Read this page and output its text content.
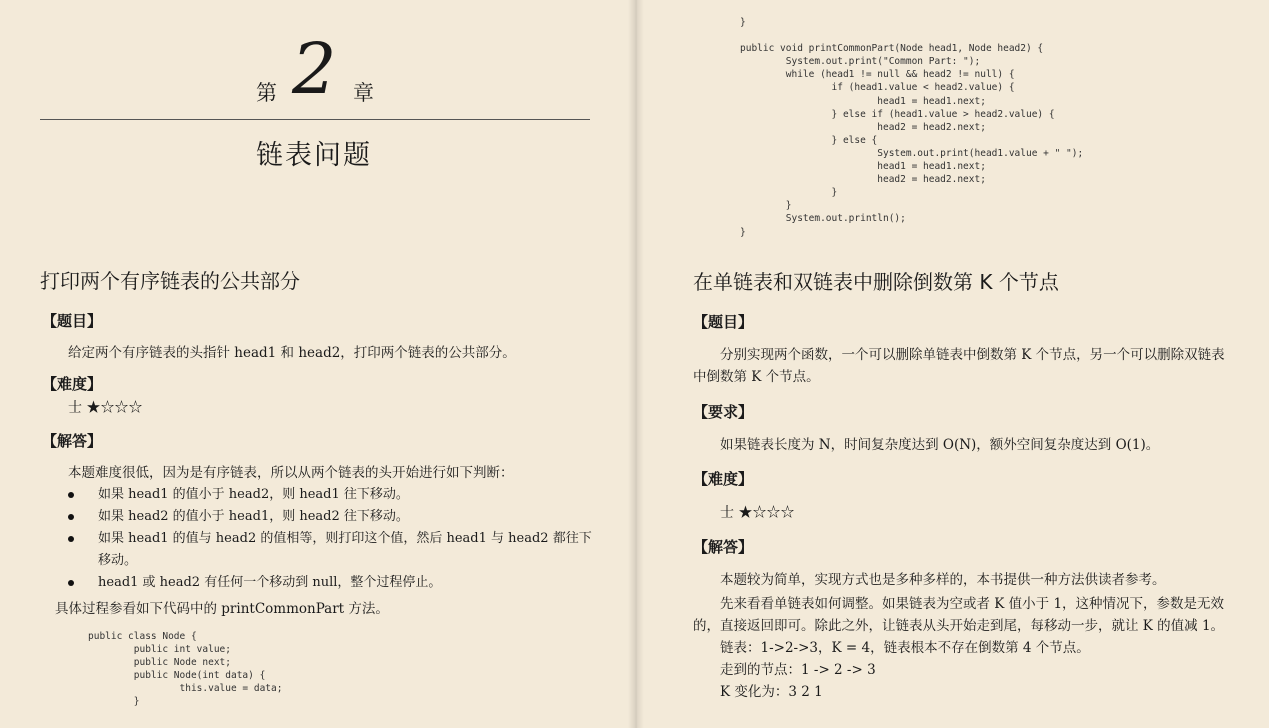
第 2 章
链表问题
打印两个有序链表的公共部分
【题目】
给定两个有序链表的头指针 head1 和 head2，打印两个链表的公共部分。
【难度】
士 ★☆☆☆
【解答】
本题难度很低，因为是有序链表，所以从两个链表的头开始进行如下判断：
如果 head1 的值小于 head2，则 head1 往下移动。
如果 head2 的值小于 head1，则 head2 往下移动。
如果 head1 的值与 head2 的值相等，则打印这个值，然后 head1 与 head2 都往下移动。
head1 或 head2 有任何一个移动到 null，整个过程停止。
具体过程参看如下代码中的 printCommonPart 方法。
public class Node {
public int value;
public Node next;
public Node(int data) {
this.value = data;
}
}

public void printCommonPart(Node head1, Node head2) {
System.out.print("Common Part: ");
while (head1 != null && head2 != null) {
if (head1.value < head2.value) {
head1 = head1.next;
} else if (head1.value > head2.value) {
head2 = head2.next;
} else {
System.out.print(head1.value + " ");
head1 = head1.next;
head2 = head2.next;
}
}
System.out.println();
}
在单链表和双链表中删除倒数第 K 个节点
【题目】
分别实现两个函数，一个可以删除单链表中倒数第 K 个节点，另一个可以删除双链表
中倒数第 K 个节点。
【要求】
如果链表长度为 N，时间复杂度达到 O(N)，额外空间复杂度达到 O(1)。
【难度】
士 ★☆☆☆
【解答】
本题较为简单，实现方式也是多种多样的，本书提供一种方法供读者参考。
先来看看单链表如何调整。如果链表为空或者 K 值小于 1，这种情况下，参数是无效
的，直接返回即可。除此之外，让链表从头开始走到尾，每移动一步，就让 K 的值减 1。
链表：1->2->3，K = 4，链表根本不存在倒数第 4 个节点。
走到的节点：1 -> 2 -> 3
K 变化为：3 2 1
